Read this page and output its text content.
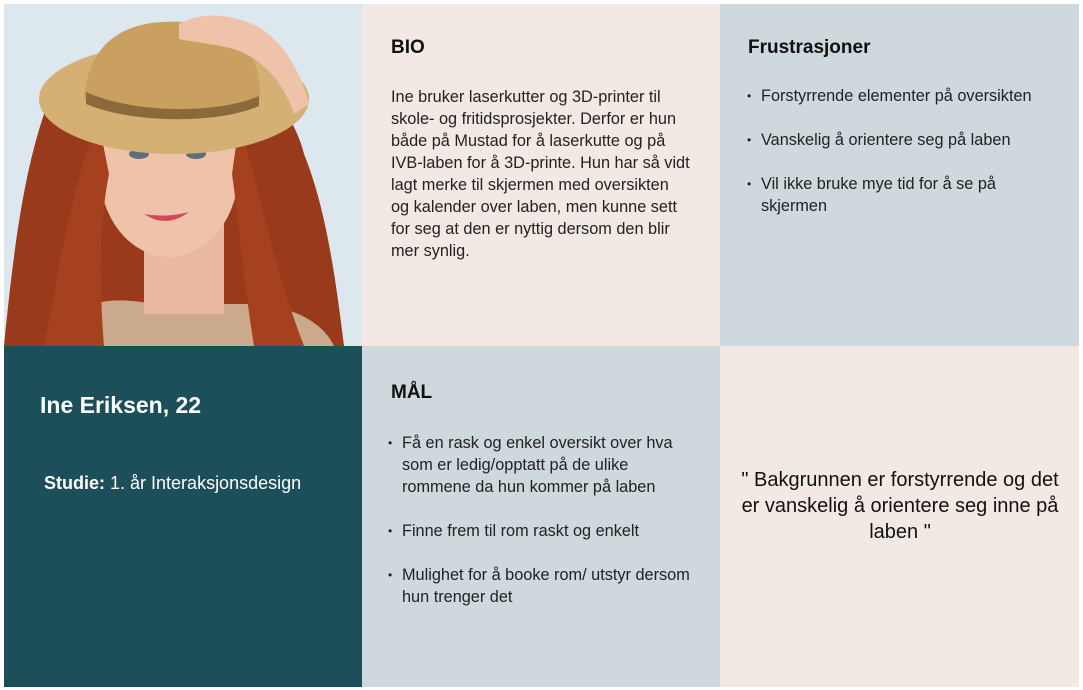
BIO

Ine bruker laserkutter og 3D-printer til skole- og fritidsprosjekter. Derfor er hun både på Mustad for å laserkutte og på IVB-laben for å 3D-printe. Hun har så vidt lagt merke til skjermen med oversikten og kalender over laben, men kunne sett for seg at den er nyttig dersom den blir mer synlig.

Frustrasjoner
• Forstyrrende elementer på oversikten
• Vanskelig å orientere seg på laben
• Vil ikke bruke mye tid for å se på skjermen
Ine Eriksen, 22

Studie: 1. år Interaksjonsdesign

MÅL
• Få en rask og enkel oversikt over hva som er ledig/opptatt på de ulike rommene da hun kommer på laben
• Finne frem til rom raskt og enkelt
• Mulighet for å booke rom/ utstyr dersom hun trenger det

" Bakgrunnen er forstyrrende og det er vanskelig å orientere seg inne på laben "
